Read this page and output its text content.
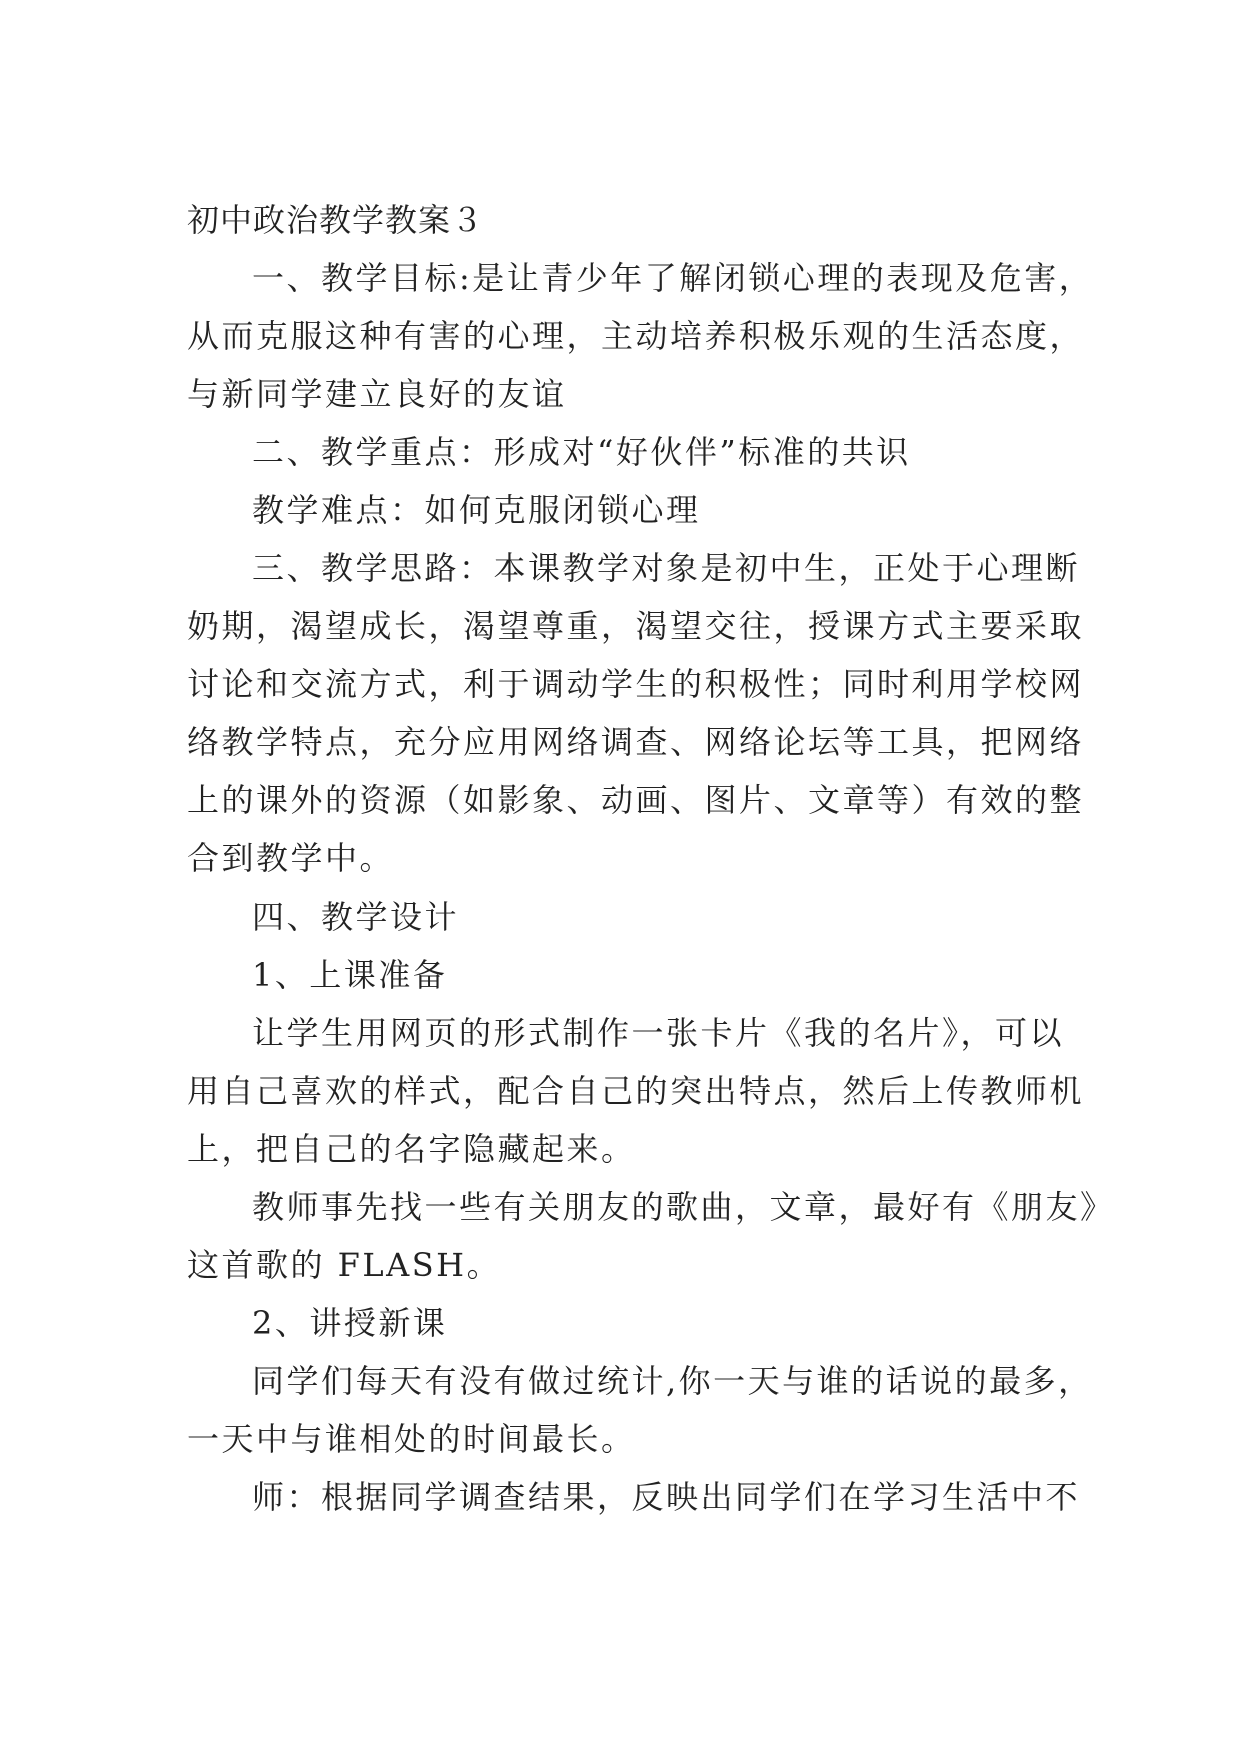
初中政治教学教案３
一、教学目标:是让青少年了解闭锁心理的表现及危害，
从而克服这种有害的心理，主动培养积极乐观的生活态度，
与新同学建立良好的友谊
二、教学重点：形成对“好伙伴”标准的共识
教学难点：如何克服闭锁心理
三、教学思路：本课教学对象是初中生，正处于心理断
奶期，渴望成长，渴望尊重，渴望交往，授课方式主要采取
讨论和交流方式，利于调动学生的积极性；同时利用学校网
络教学特点，充分应用网络调查、网络论坛等工具，把网络
上的课外的资源（如影象、动画、图片、文章等）有效的整
合到教学中。
四、教学设计
1、上课准备
让学生用网页的形式制作一张卡片《我的名片》，可以
用自己喜欢的样式，配合自己的突出特点，然后上传教师机
上，把自己的名字隐藏起来。
教师事先找一些有关朋友的歌曲，文章，最好有《朋友》
这首歌的 FLASH。
2、讲授新课
同学们每天有没有做过统计,你一天与谁的话说的最多，
一天中与谁相处的时间最长。
师：根据同学调查结果，反映出同学们在学习生活中不
